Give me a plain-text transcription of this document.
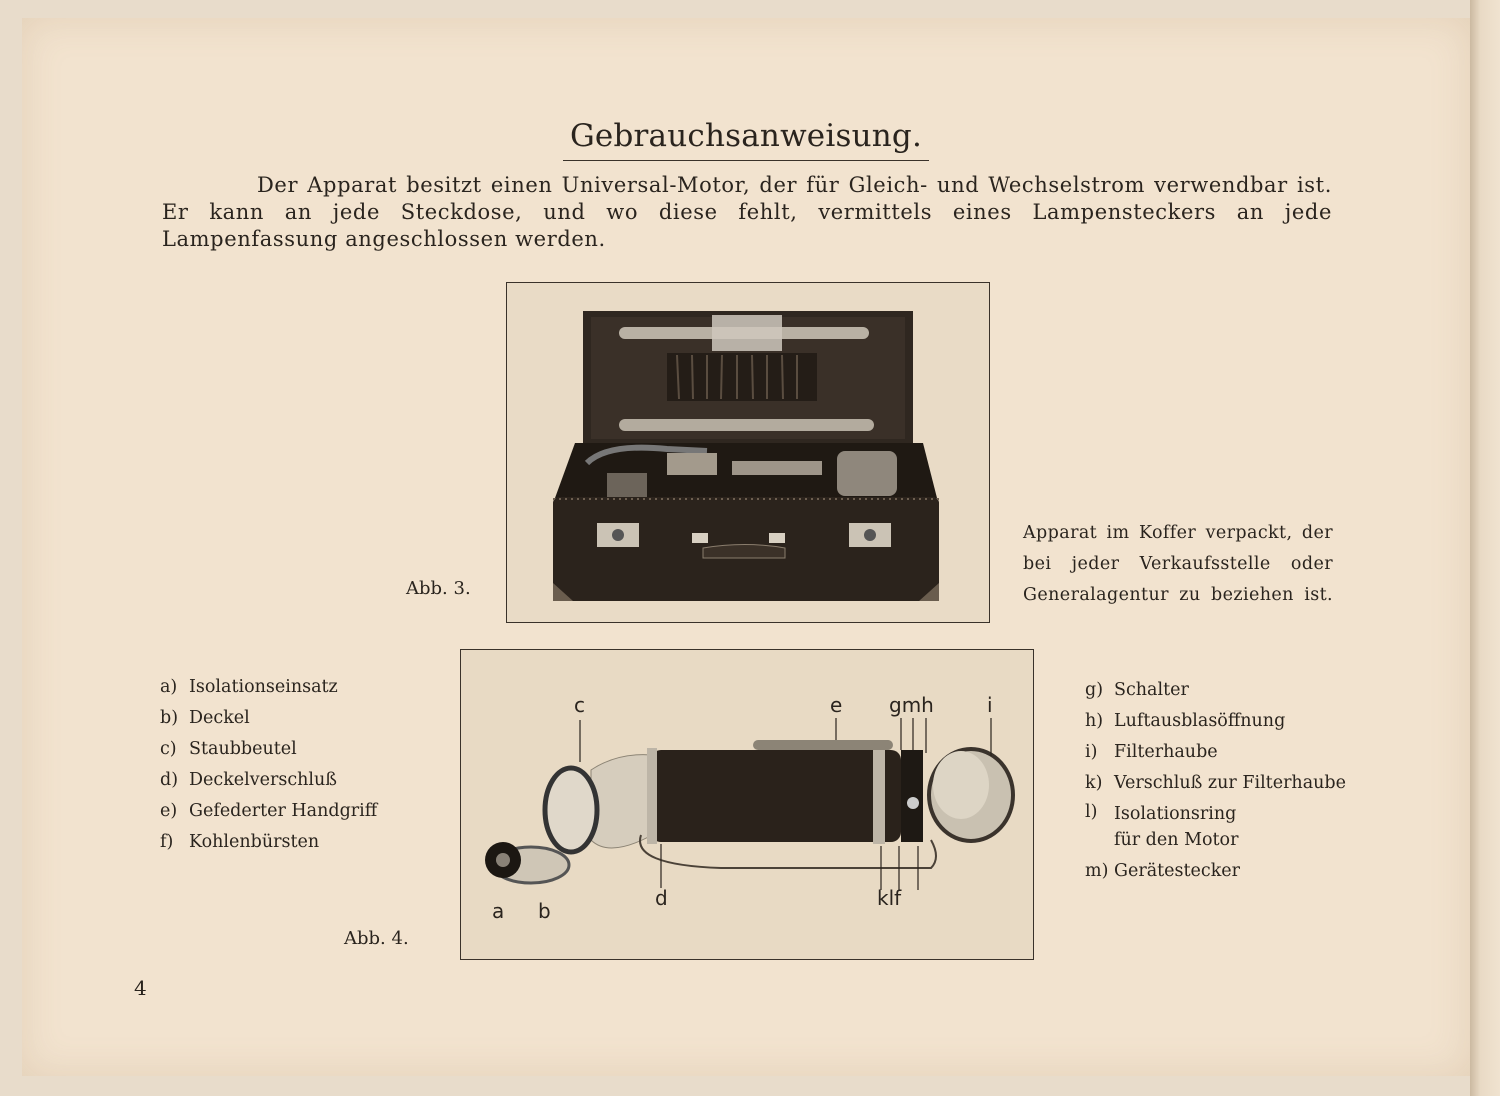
Gebrauchsanweisung.

Der Apparat besitzt einen Universal-Motor, der für Gleich- und Wechselstrom verwendbar ist. Er kann an jede Steckdose, und wo diese fehlt, vermittels eines Lampensteckers an jede Lampenfassung angeschlossen werden.

Abb. 3.
Apparat im Koffer verpackt, der bei jeder Verkaufsstelle oder Generalagentur zu beziehen ist.
c	e gmh	i
a b
d	klf
Abb. 4.
a) Isolationseinsatz
b) Deckel
c) Staubbeutel
d) Deckelverschluß
e) Gefederter Handgriff
f) Kohlenbürsten
g) Schalter
h) Luftausblasöffnung
i) Filterhaube
k) Verschluß zur Filterhaube
l) Isolationsring für den Motor
m) Gerätestecker
4
